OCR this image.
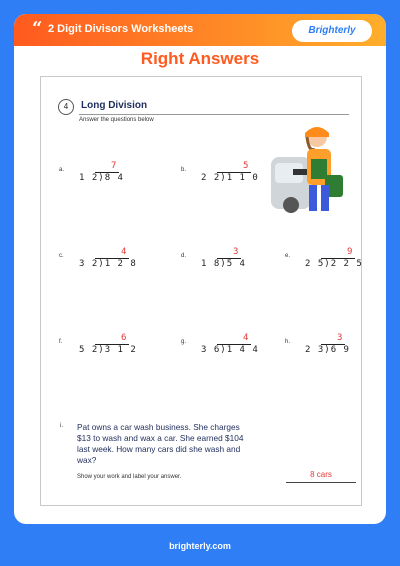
“ 2 Digit Divisors Worksheets	Brighterly
Right Answers
4	Long Division
Answer the questions below
a.	7
1 2)8 4
b.	5
2 2)1 1 0
c.	4
3 2)1 2 8
d.	3
1 8)5 4
e.	9
2 5)2 2 5
f.	6
5 2)3 1 2
g.	4
3 6)1 4 4
h.	3
2 3)6 9
i. Pat owns a car wash business. She charges $13 to wash and wax a car. She earned $104 last week. How many cars did she wash and wax?
Show your work and label your answer.	8 cars
brighterly.com
